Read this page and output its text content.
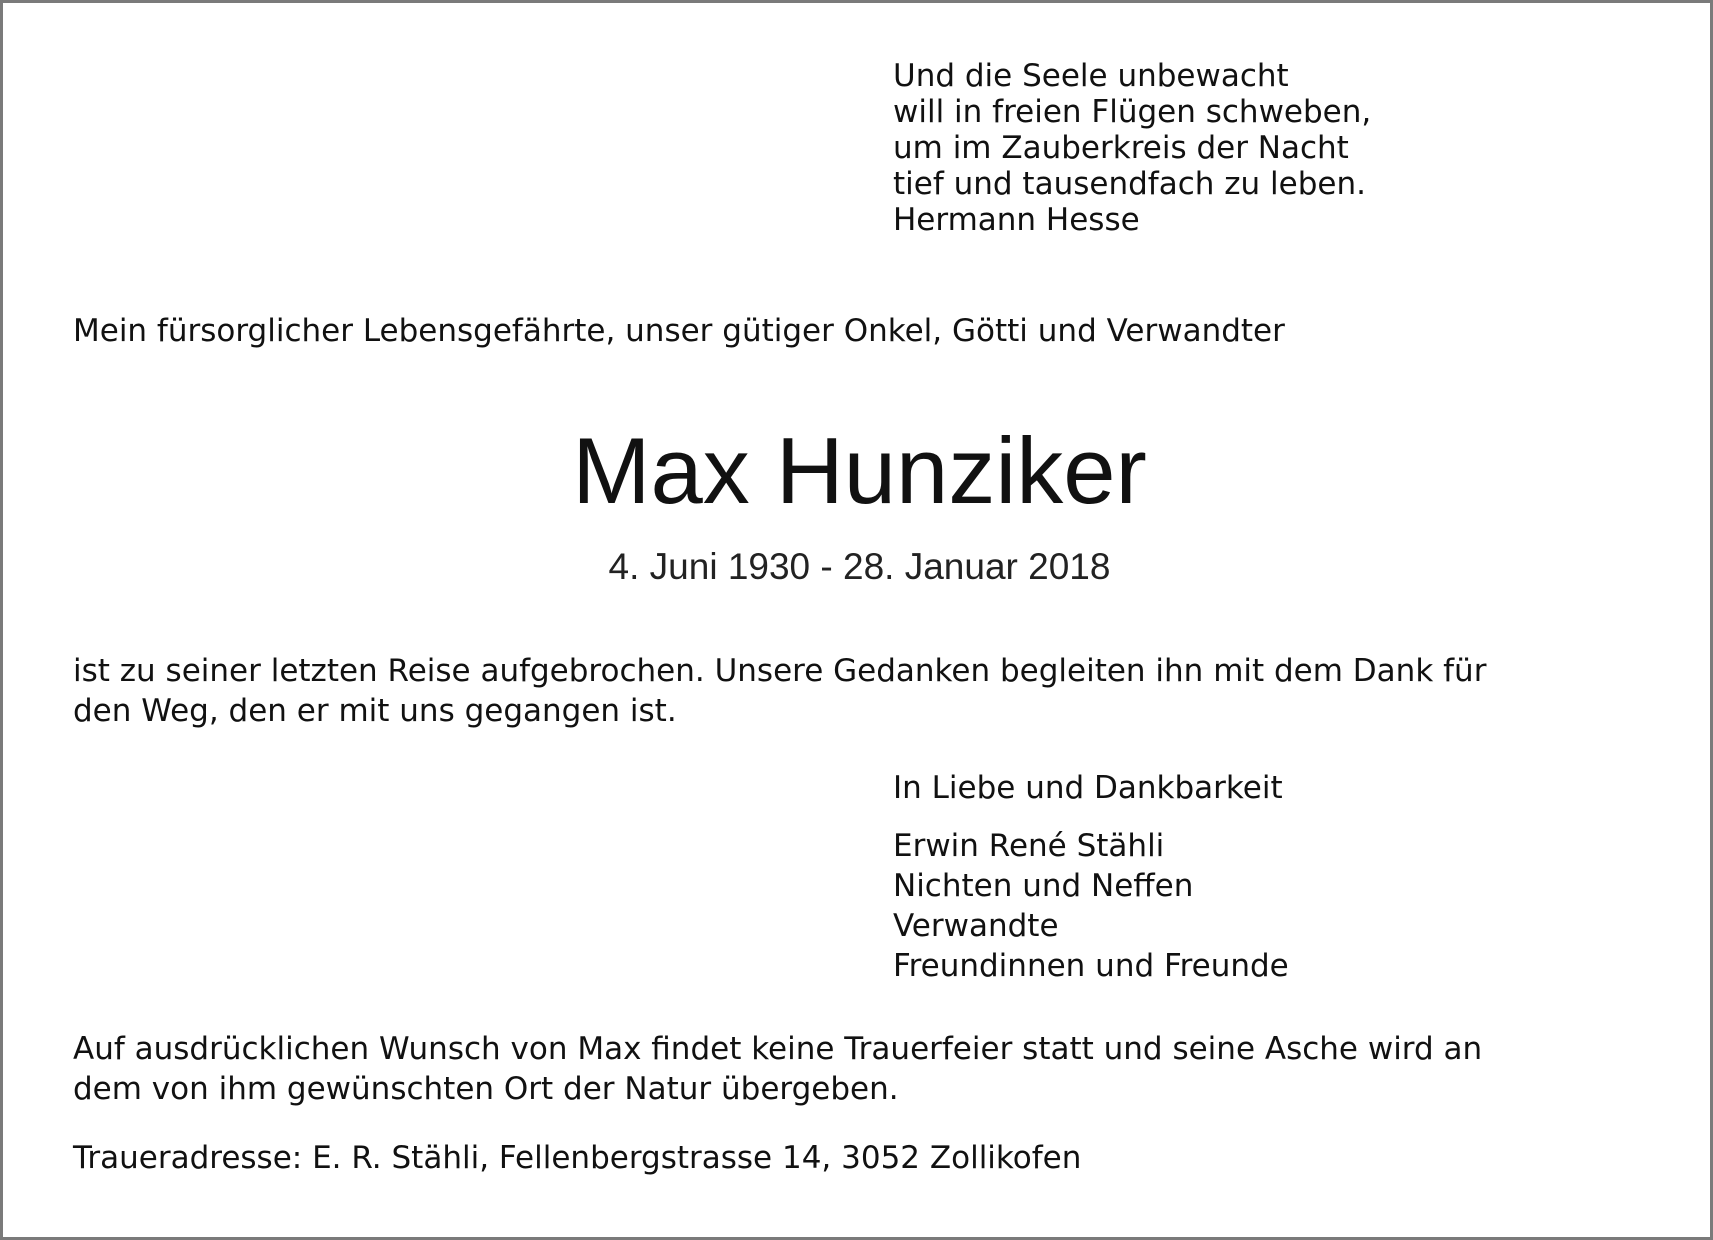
Und die Seele unbewacht
will in freien Flügen schweben,
um im Zauberkreis der Nacht
tief und tausendfach zu leben.
Hermann Hesse
Mein fürsorglicher Lebensgefährte, unser gütiger Onkel, Götti und Verwandter
Max Hunziker
4. Juni 1930 - 28. Januar 2018
ist zu seiner letzten Reise aufgebrochen. Unsere Gedanken begleiten ihn mit dem Dank für
den Weg, den er mit uns gegangen ist.
In Liebe und Dankbarkeit
Erwin René Stähli
Nichten und Neffen
Verwandte
Freundinnen und Freunde
Auf ausdrücklichen Wunsch von Max findet keine Trauerfeier statt und seine Asche wird an
dem von ihm gewünschten Ort der Natur übergeben.
Traueradresse: E. R. Stähli, Fellenbergstrasse 14, 3052 Zollikofen
